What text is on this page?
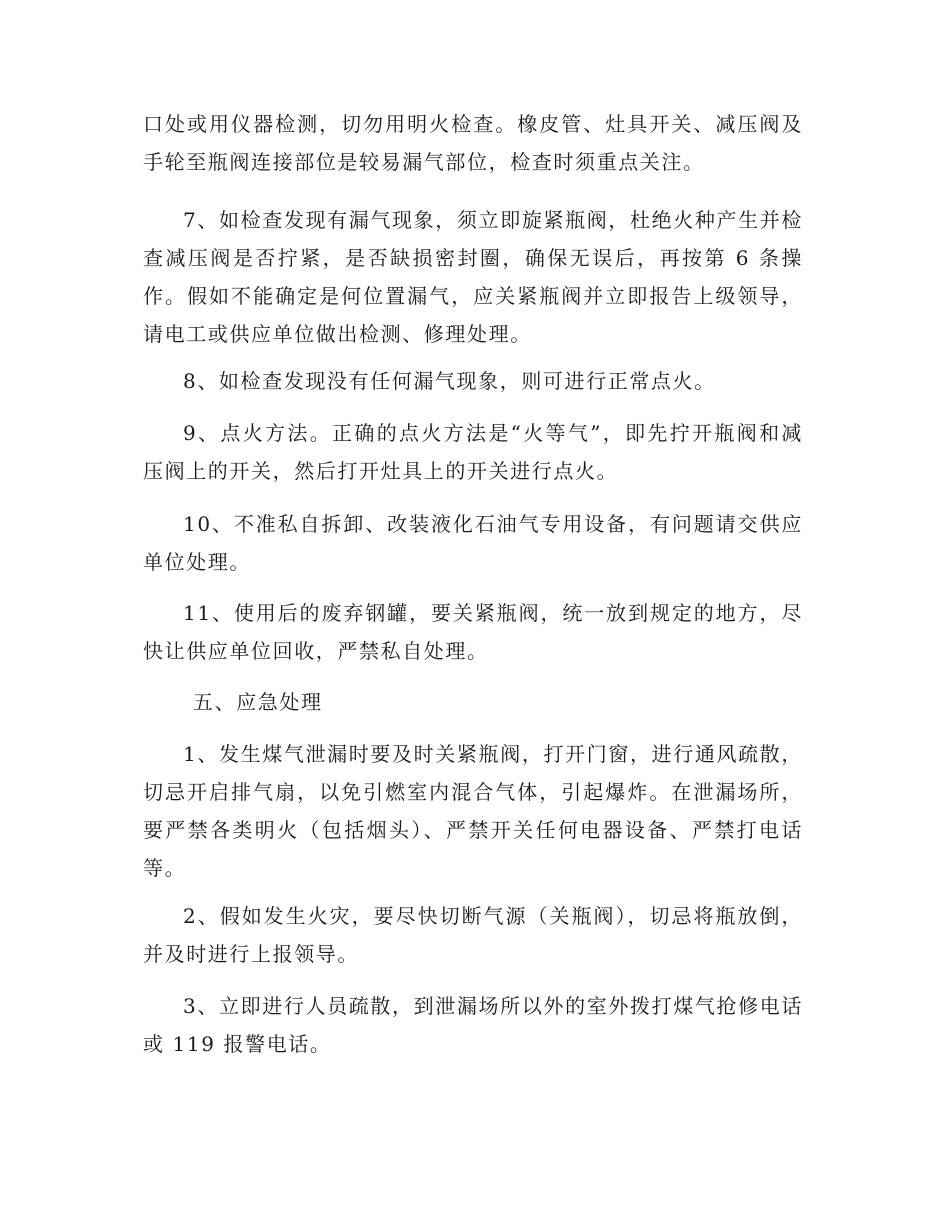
口处或用仪器检测，切勿用明火检查。橡皮管、灶具开关、减压阀及手轮至瓶阀连接部位是较易漏气部位，检查时须重点关注。

7、如检查发现有漏气现象，须立即旋紧瓶阀，杜绝火种产生并检查减压阀是否拧紧，是否缺损密封圈，确保无误后，再按第 6 条操作。假如不能确定是何位置漏气，应关紧瓶阀并立即报告上级领导，请电工或供应单位做出检测、修理处理。

8、如检查发现没有任何漏气现象，则可进行正常点火。

9、点火方法。正确的点火方法是“火等气”，即先拧开瓶阀和减压阀上的开关，然后打开灶具上的开关进行点火。

10、不准私自拆卸、改装液化石油气专用设备，有问题请交供应单位处理。

11、使用后的废弃钢罐，要关紧瓶阀，统一放到规定的地方，尽快让供应单位回收，严禁私自处理。

五、应急处理

1、发生煤气泄漏时要及时关紧瓶阀，打开门窗，进行通风疏散，切忌开启排气扇，以免引燃室内混合气体，引起爆炸。在泄漏场所，要严禁各类明火（包括烟头）、严禁开关任何电器设备、严禁打电话等。

2、假如发生火灾，要尽快切断气源（关瓶阀），切忌将瓶放倒，并及时进行上报领导。

3、立即进行人员疏散，到泄漏场所以外的室外拨打煤气抢修电话或 119 报警电话。
